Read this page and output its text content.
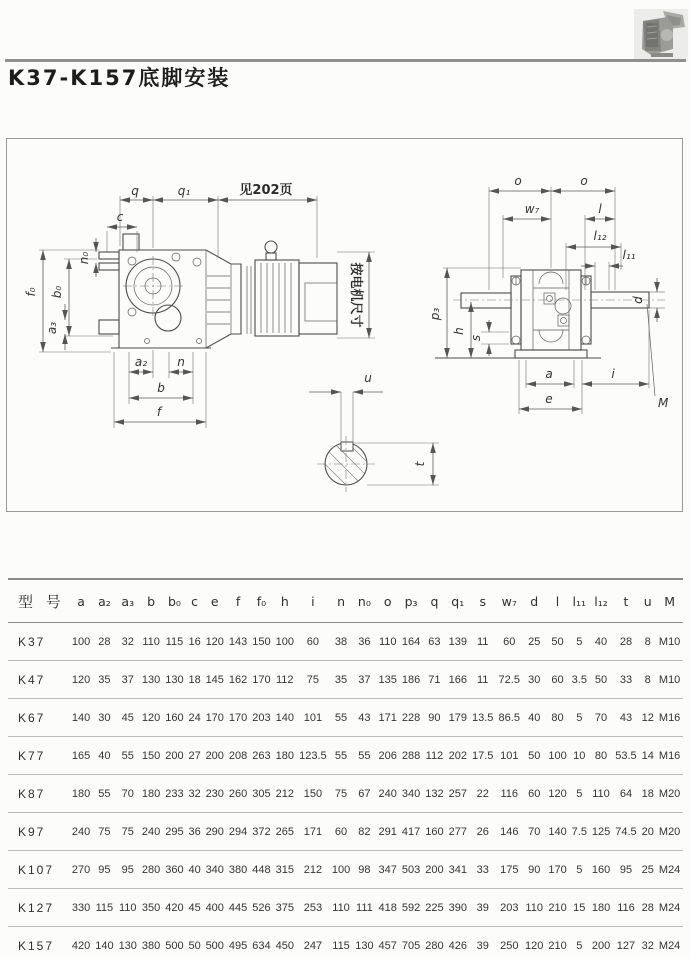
K37-K157底脚安装
q	q₁	见202页
c
f₀ b₀
n₀
a₃
a₂	n
b
f
按电机尺寸
o	o
w₇	l
l₁₂
l₁₁
d
M
p₃
h
s
a	i
e
u
t
型 号	a	a₂	a₃	b	b₀	c	e	f	f₀	h	i	n	n₀	o	p₃	q	q₁	s	w₇	d	l	l₁₁	l₁₂	t	u	M
K37	100	28	32	110	115	16	120	143	150	100	60	38	36	110	164	63	139	11	60	25	50	5	40	28	8	M10
K47	120	35	37	130	130	18	145	162	170	112	75	35	37	135	186	71	166	11	72.5	30	60	3.5	50	33	8	M10
K67	140	30	45	120	160	24	170	170	203	140	101	55	43	171	228	90	179	13.5	86.5	40	80	5	70	43	12	M16
K77	165	40	55	150	200	27	200	208	263	180	123.5	55	55	206	288	112	202	17.5	101	50	100	10	80	53.5	14	M16
K87	180	55	70	180	233	32	230	260	305	212	150	75	67	240	340	132	257	22	116	60	120	5	110	64	18	M20
K97	240	75	75	240	295	36	290	294	372	265	171	60	82	291	417	160	277	26	146	70	140	7.5	125	74.5	20	M20
K107	270	95	95	280	360	40	340	380	448	315	212	100	98	347	503	200	341	33	175	90	170	5	160	95	25	M24
K127	330	115	110	350	420	45	400	445	526	375	253	110	111	418	592	225	390	39	203	110	210	15	180	116	28	M24
K157	420	140	130	380	500	50	500	495	634	450	247	115	130	457	705	280	426	39	250	120	210	5	200	127	32	M24
